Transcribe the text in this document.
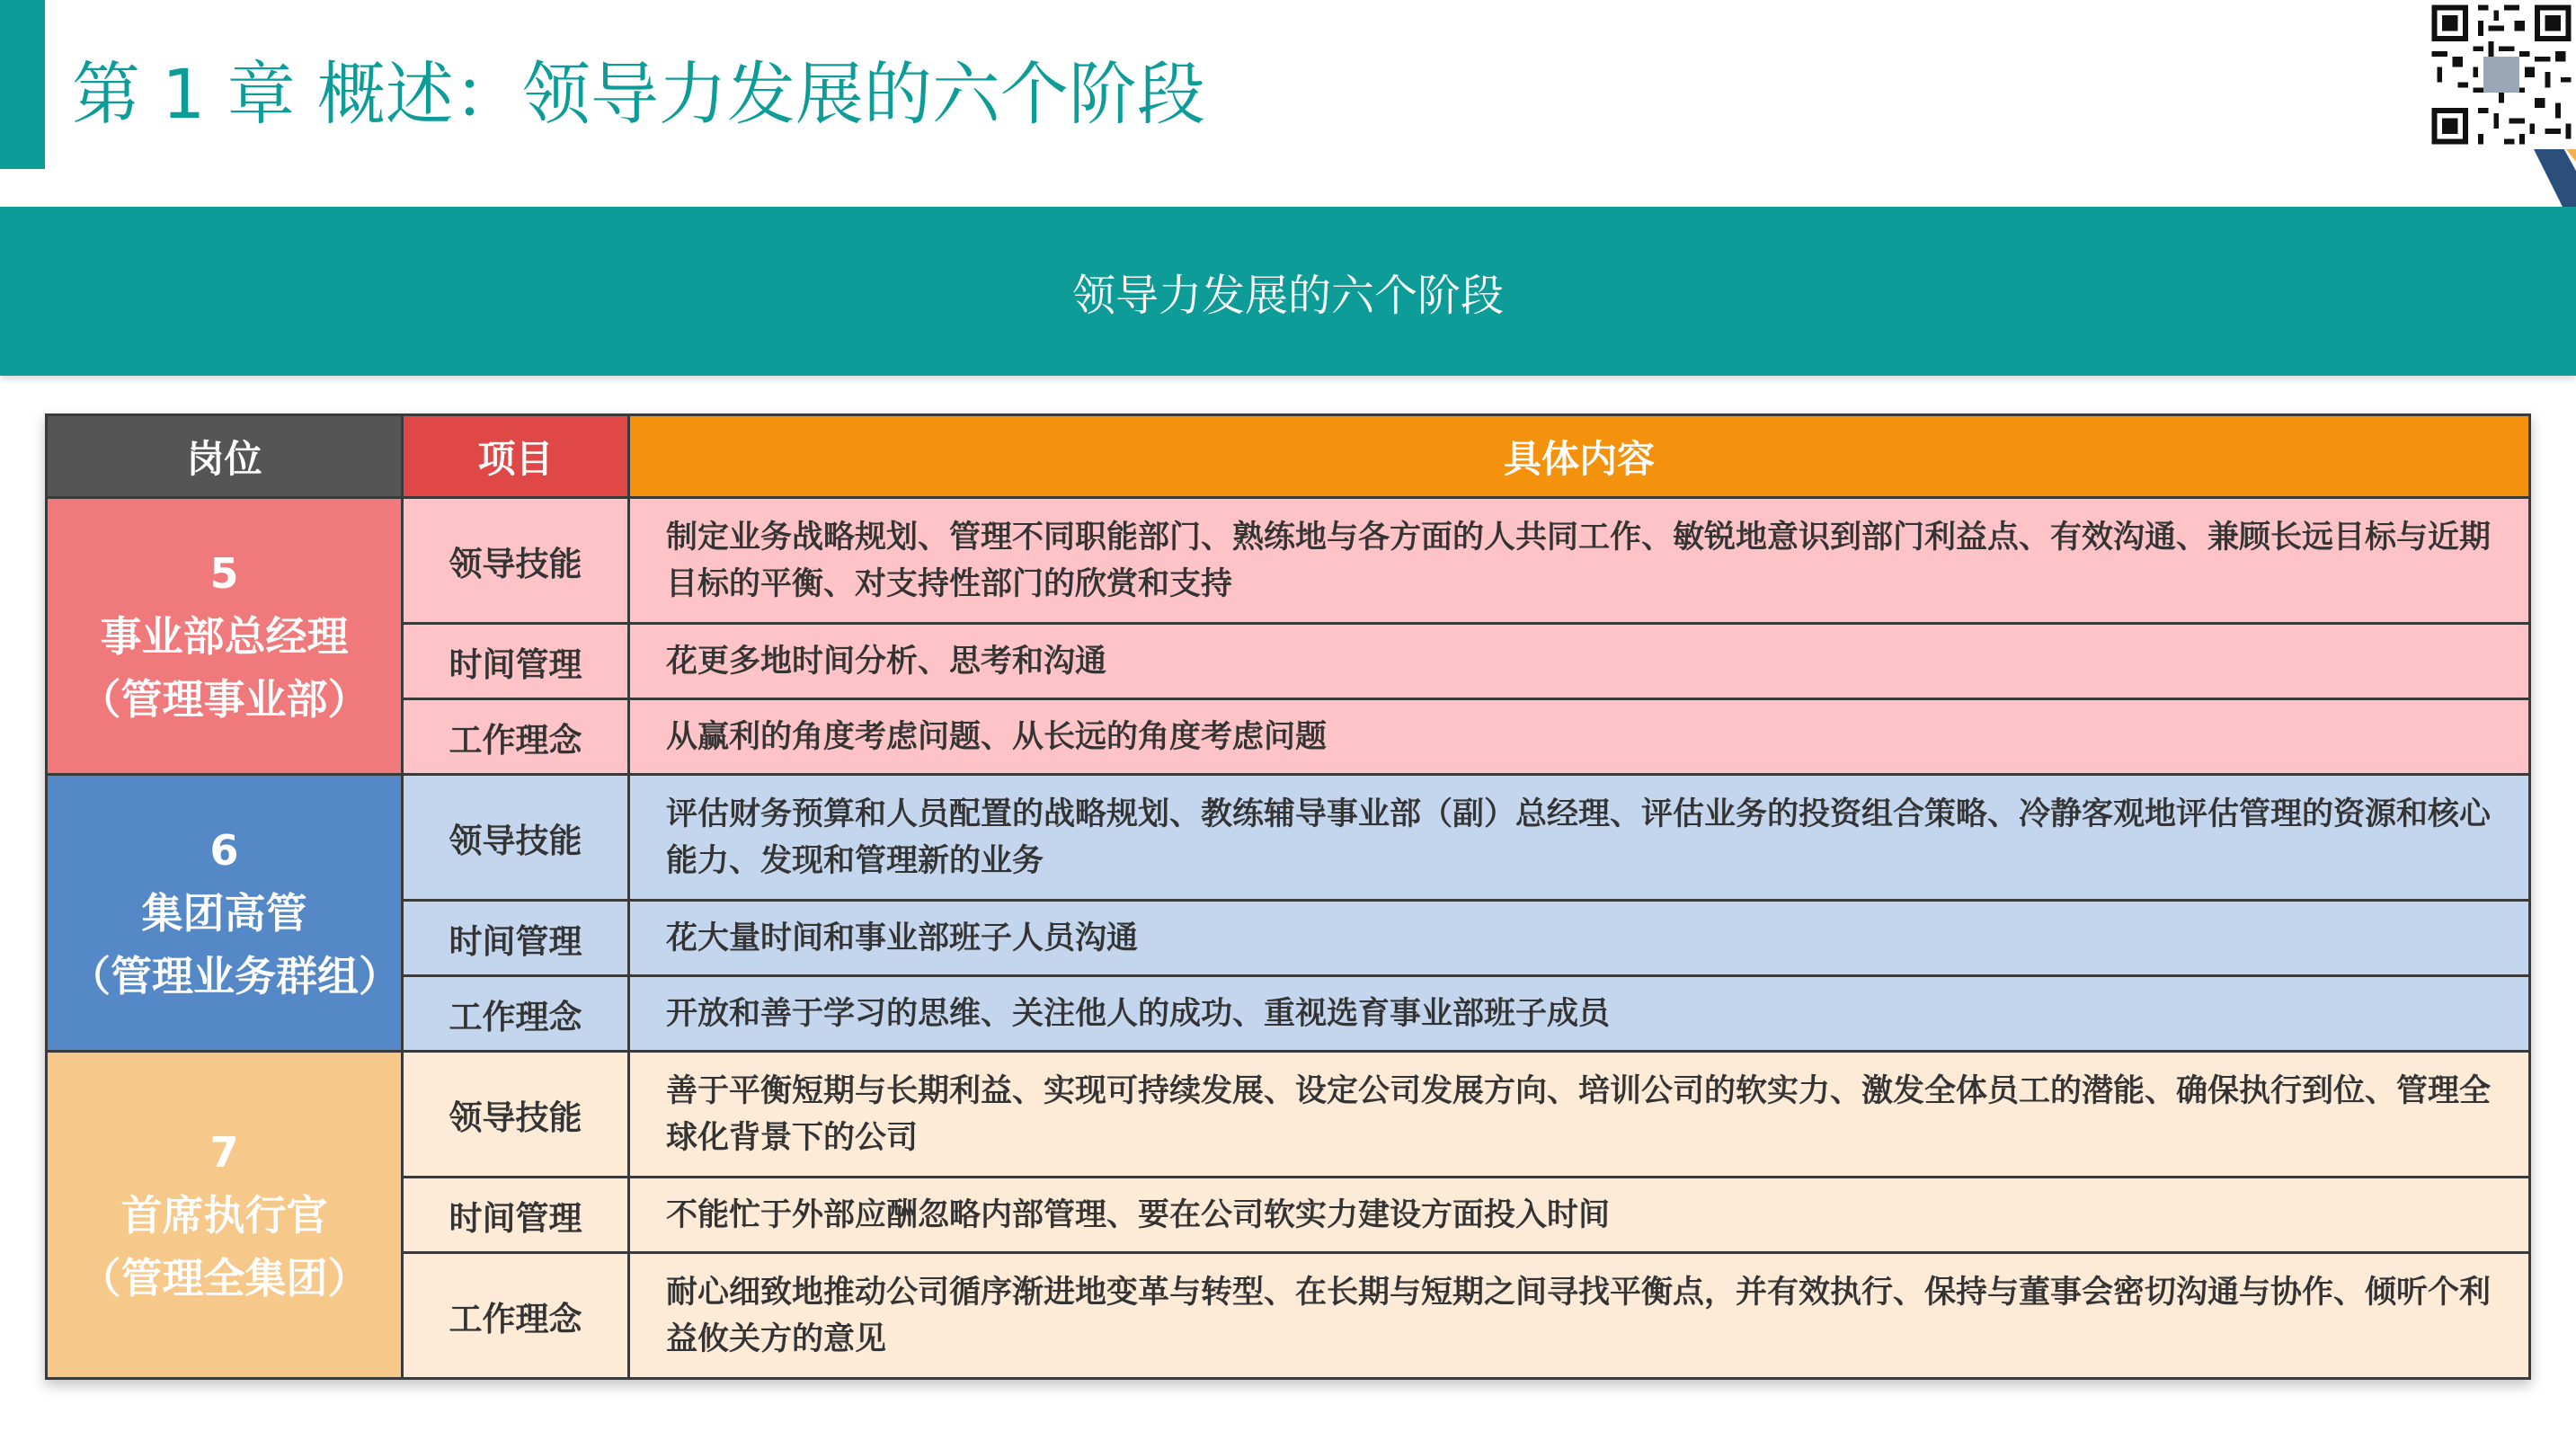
第 1 章 概述：领导力发展的六个阶段
领导力发展的六个阶段
岗位	项目	具体内容

5
事业部总经理
（管理事业部）	领导技能	制定业务战略规划、管理不同职能部门、熟练地与各方面的人共同工作、敏锐地意识到部门利益点、有效沟通、兼顾长远目标与近期目标的平衡、对支持性部门的欣赏和支持
	时间管理	花更多地时间分析、思考和沟通
	工作理念	从赢利的角度考虑问题、从长远的角度考虑问题

6
集团高管
（管理业务群组）	领导技能	评估财务预算和人员配置的战略规划、教练辅导事业部（副）总经理、评估业务的投资组合策略、冷静客观地评估管理的资源和核心能力、发现和管理新的业务
	时间管理	花大量时间和事业部班子人员沟通
	工作理念	开放和善于学习的思维、关注他人的成功、重视选育事业部班子成员

7
首席执行官
（管理全集团）	领导技能	善于平衡短期与长期利益、实现可持续发展、设定公司发展方向、培训公司的软实力、激发全体员工的潜能、确保执行到位、管理全球化背景下的公司
	时间管理	不能忙于外部应酬忽略内部管理、要在公司软实力建设方面投入时间
	工作理念	耐心细致地推动公司循序渐进地变革与转型、在长期与短期之间寻找平衡点，并有效执行、保持与董事会密切沟通与协作、倾听个利益攸关方的意见
